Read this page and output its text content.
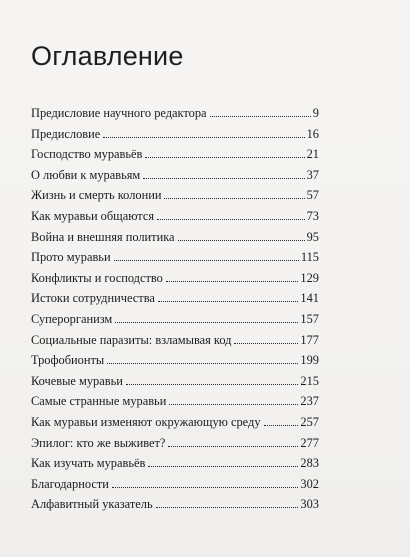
Оглавление
Предисловие научного редактора	9
Предисловие	16
Господство муравьёв	21
О любви к муравьям	37
Жизнь и смерть колонии	57
Как муравьи общаются	73
Война и внешняя политика	95
Прото муравьи	115
Конфликты и господство	129
Истоки сотрудничества	141
Суперорганизм	157
Социальные паразиты: взламывая код	177
Трофобионты	199
Кочевые муравьи	215
Самые странные муравьи	237
Как муравьи изменяют окружающую среду	257
Эпилог: кто же выживет?	277
Как изучать муравьёв	283
Благодарности	302
Алфавитный указатель	303
